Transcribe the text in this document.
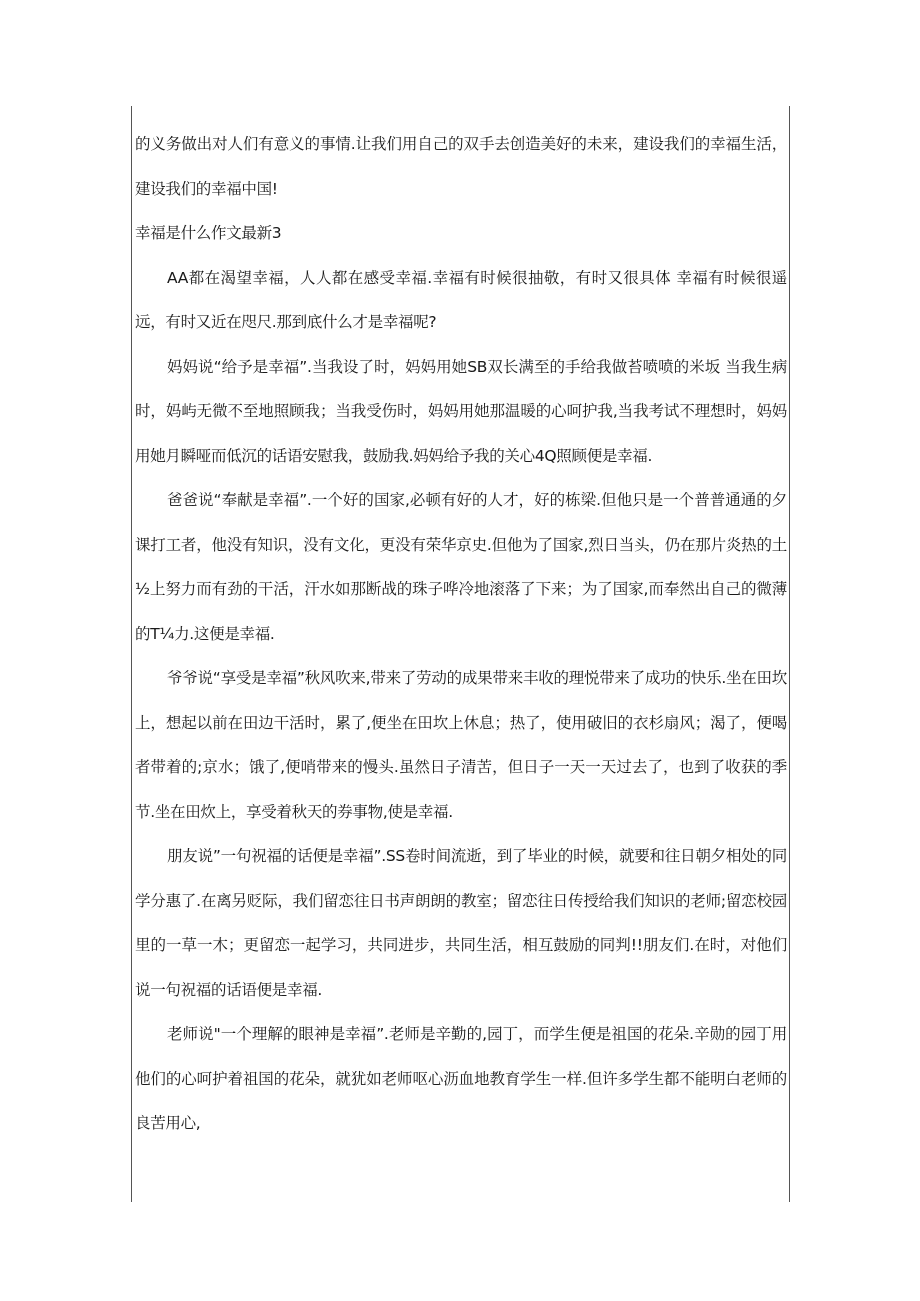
的义务做出对人们有意义的事情.让我们用自己的双手去创造美好的未来，建设我们的幸福生活，建设我们的幸福中国!

幸福是什么作文最新3

AA都在渴望幸福，人人都在感受幸福.幸福有时候很抽敬，有时又很具体 幸福有时候很遥远，有时又近在咫尺.那到底什么才是幸福呢?

妈妈说“给予是幸福”.当我设了时，妈妈用她SB双长满至的手给我做苔喷喷的米坂 当我生病时，妈屿无微不至地照顾我；当我受伤时，妈妈用她那温暖的心呵护我,当我考试不理想时，妈妈用她月瞬哑而低沉的话语安慰我，鼓励我.妈妈给予我的关心4Q照顾便是幸福.

爸爸说“奉献是幸福”.一个好的国家,必顿有好的人才，好的栋梁.但他只是一个普普通通的夕课打工者，他没有知识，没有文化，更没有荣华京史.但他为了国家,烈日当头，仍在那片炎热的土½上努力而有劲的干活，汗水如那断战的珠子哗冷地滚落了下来；为了国家,而奉然出自己的微薄的T¼力.这便是幸福.

爷爷说“享受是幸福”秋风吹来,带来了劳动的成果带来丰收的理悦带来了成功的快乐.坐在田坎上，想起以前在田边干活时，累了,便坐在田坎上休息；热了，使用破旧的衣杉扇风；渴了，便喝者带着的;京水；饿了,便哨带来的慢头.虽然日子清苦，但日子一天一天过去了，也到了收获的季节.坐在田炊上，享受着秋天的券事物,使是幸福.

朋友说”一句祝福的话便是幸福”.SS卷时间流逝，到了毕业的时候，就要和往日朝夕相处的同学分惠了.在离另贬际，我们留恋往日书声朗朗的教室；留恋往日传授给我们知识的老师;留恋校园里的一草一木；更留恋一起学习，共同进步，共同生活，相互鼓励的同判!!朋友们.在时，对他们说一句祝福的话语便是幸福.

老师说"一个理解的眼神是幸福”.老师是辛勤的,园丁，而学生便是祖国的花朵.辛勋的园丁用他们的心呵护着祖国的花朵，就犹如老师呕心沥血地教育学生一样.但许多学生都不能明白老师的良苦用心,
